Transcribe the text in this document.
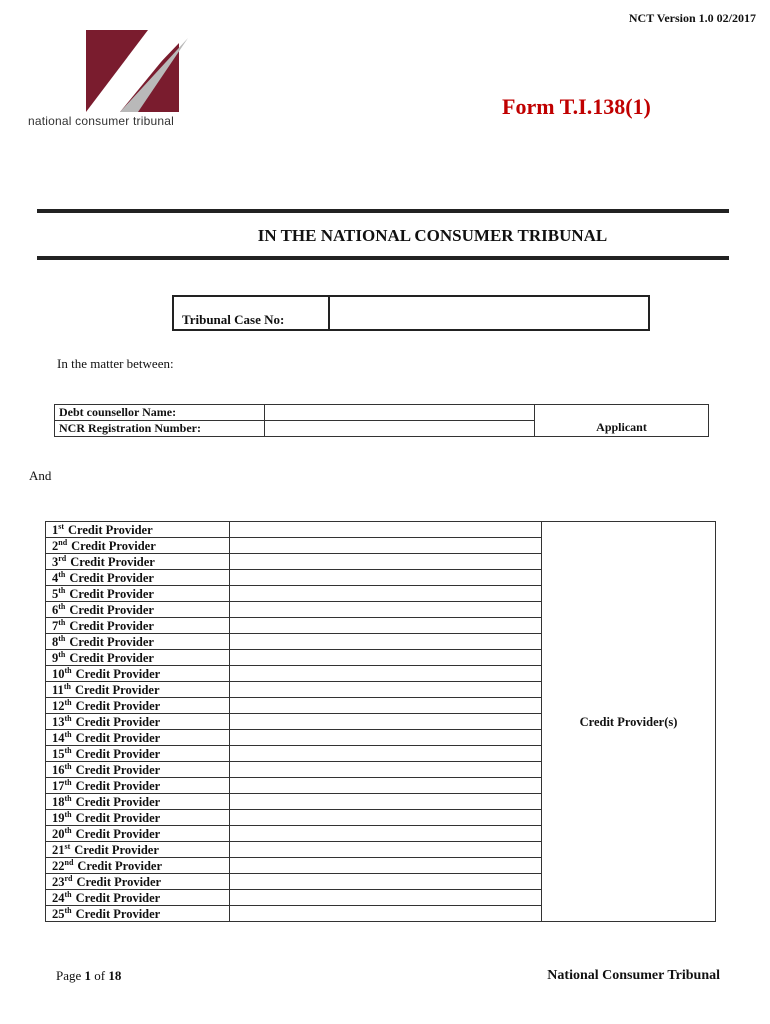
NCT Version 1.0 02/2017
national consumer tribunal
Form T.I.138(1)
IN THE NATIONAL CONSUMER TRIBUNAL
Tribunal Case No:
In the matter between:
Debt counsellor Name:		Applicant
NCR Registration Number:		
And
1st Credit Provider		Credit Provider(s)
2nd Credit Provider		
3rd Credit Provider		
4th Credit Provider		
5th Credit Provider		
6th Credit Provider		
7th Credit Provider		
8th Credit Provider		
9th Credit Provider		
10th Credit Provider		
11th Credit Provider		
12th Credit Provider		
13th Credit Provider		
14th Credit Provider		
15th Credit Provider		
16th Credit Provider		
17th Credit Provider		
18th Credit Provider		
19th Credit Provider		
20th Credit Provider		
21st Credit Provider		
22nd Credit Provider		
23rd Credit Provider		
24th Credit Provider		
25th Credit Provider		
Page 1 of 18	National Consumer Tribunal
